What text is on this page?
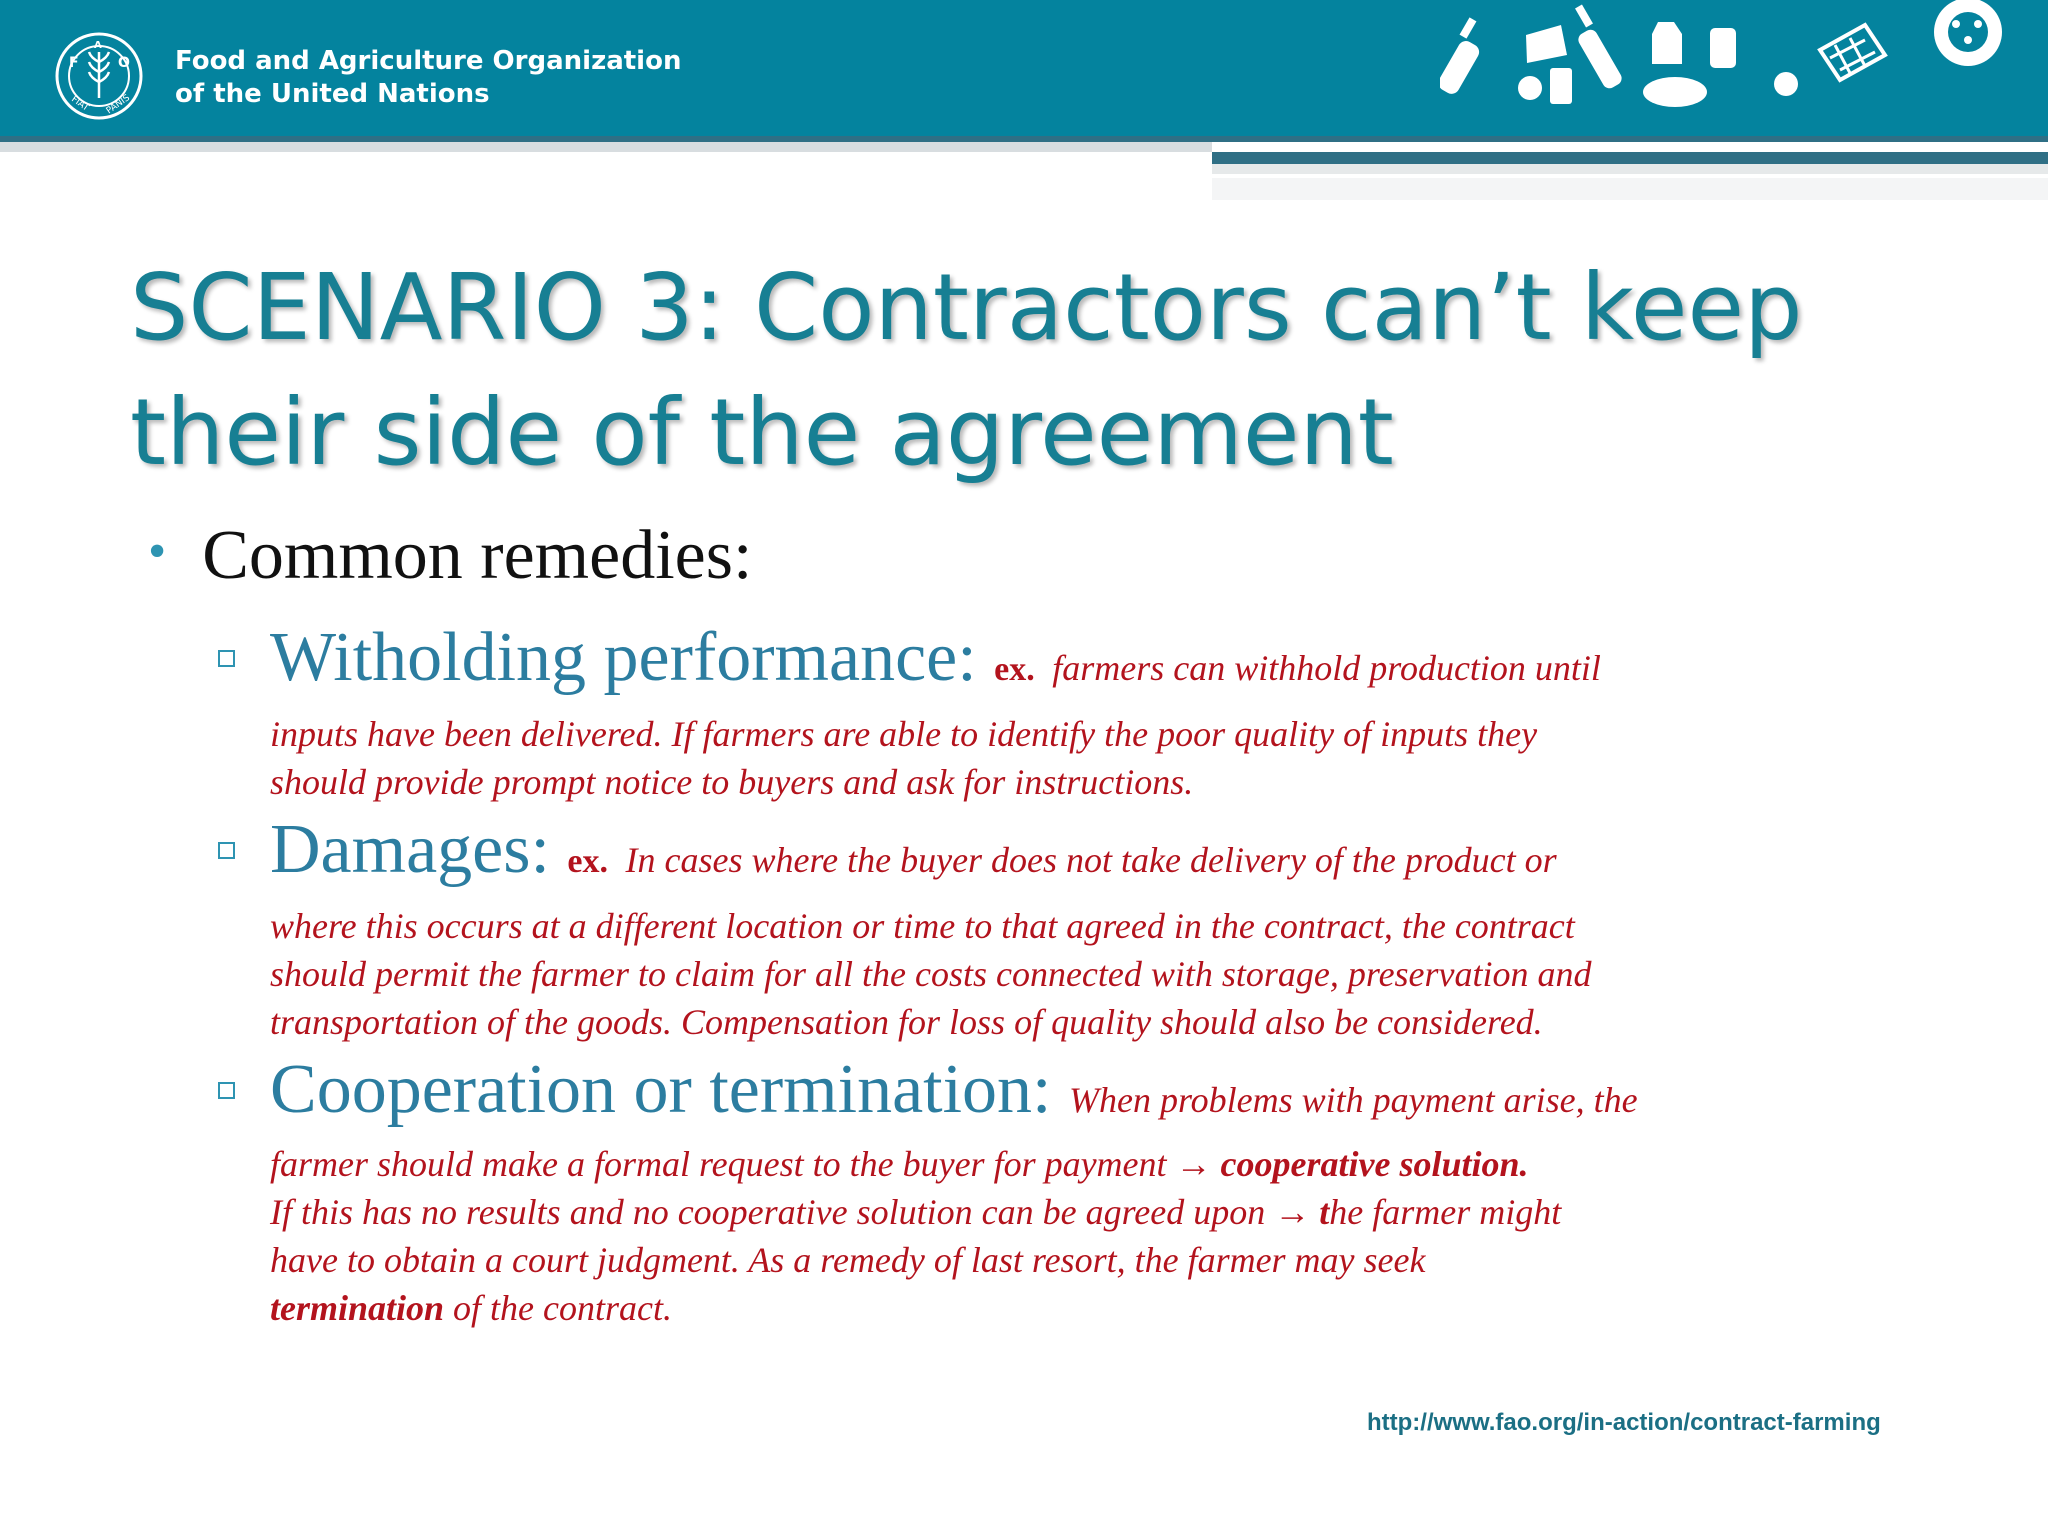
F
A
O
FIAT PANIS
Food and Agriculture Organization
of the United Nations
SCENARIO 3: Contractors can’t keep
their side of the agreement
• Common remedies:
Witholding performance: ex. farmers can withhold production until
inputs have been delivered. If farmers are able to identify the poor quality of inputs they
should provide prompt notice to buyers and ask for instructions.
Damages: ex. In cases where the buyer does not take delivery of the product or
where this occurs at a different location or time to that agreed in the contract, the contract
should permit the farmer to claim for all the costs connected with storage, preservation and
transportation of the goods. Compensation for loss of quality should also be considered.
Cooperation or termination: When problems with payment arise, the
farmer should make a formal request to the buyer for payment → cooperative solution.
If this has no results and no cooperative solution can be agreed upon → the farmer might
have to obtain a court judgment. As a remedy of last resort, the farmer may seek
termination of the contract.
http://www.fao.org/in-action/contract-farming
